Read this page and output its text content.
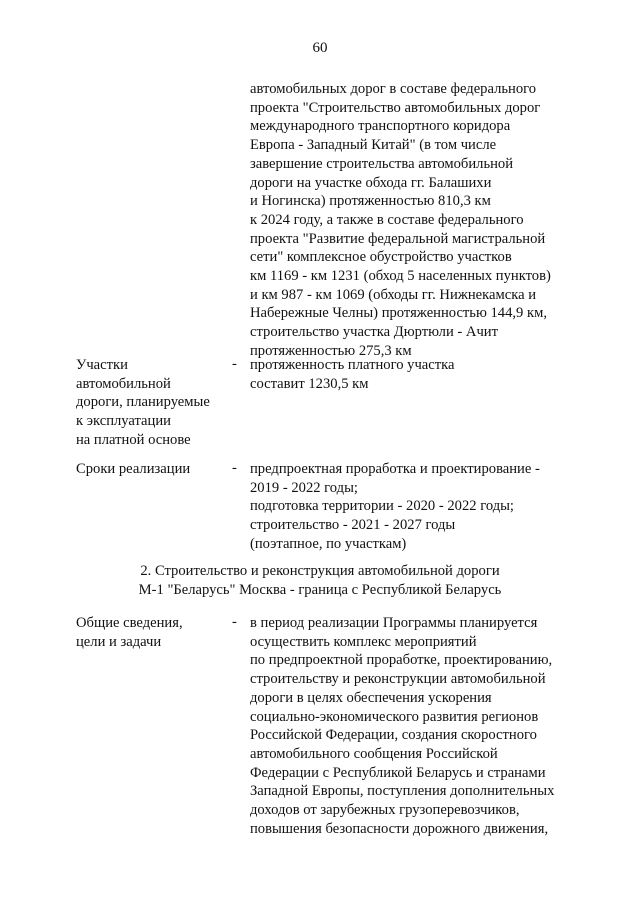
60
автомобильных дорог в составе федерального
проекта "Строительство автомобильных дорог
международного транспортного коридора
Европа - Западный Китай" (в том числе
завершение строительства автомобильной
дороги на участке обхода гг. Балашихи
и Ногинска) протяженностью 810,3 км
к 2024 году, а также в составе федерального
проекта "Развитие федеральной магистральной
сети" комплексное обустройство участков
км 1169 - км 1231 (обход 5 населенных пунктов)
и км 987 - км 1069 (обходы гг. Нижнекамска и
Набережные Челны) протяженностью 144,9 км,
строительство участка Дюртюли - Ачит
протяженностью 275,3 км
Участки
автомобильной
дороги, планируемые
к эксплуатации
на платной основе
- протяженность платного участка
составит 1230,5 км
Сроки реализации	- предпроектная проработка и проектирование -
2019 - 2022 годы;
подготовка территории - 2020 - 2022 годы;
строительство - 2021 - 2027 годы
(поэтапное, по участкам)
2. Строительство и реконструкция автомобильной дороги
М-1 "Беларусь" Москва - граница с Республикой Беларусь
Общие сведения,
цели и задачи
- в период реализации Программы планируется
осуществить комплекс мероприятий
по предпроектной проработке, проектированию,
строительству и реконструкции автомобильной
дороги в целях обеспечения ускорения
социально-экономического развития регионов
Российской Федерации, создания скоростного
автомобильного сообщения Российской
Федерации с Республикой Беларусь и странами
Западной Европы, поступления дополнительных
доходов от зарубежных грузоперевозчиков,
повышения безопасности дорожного движения,
